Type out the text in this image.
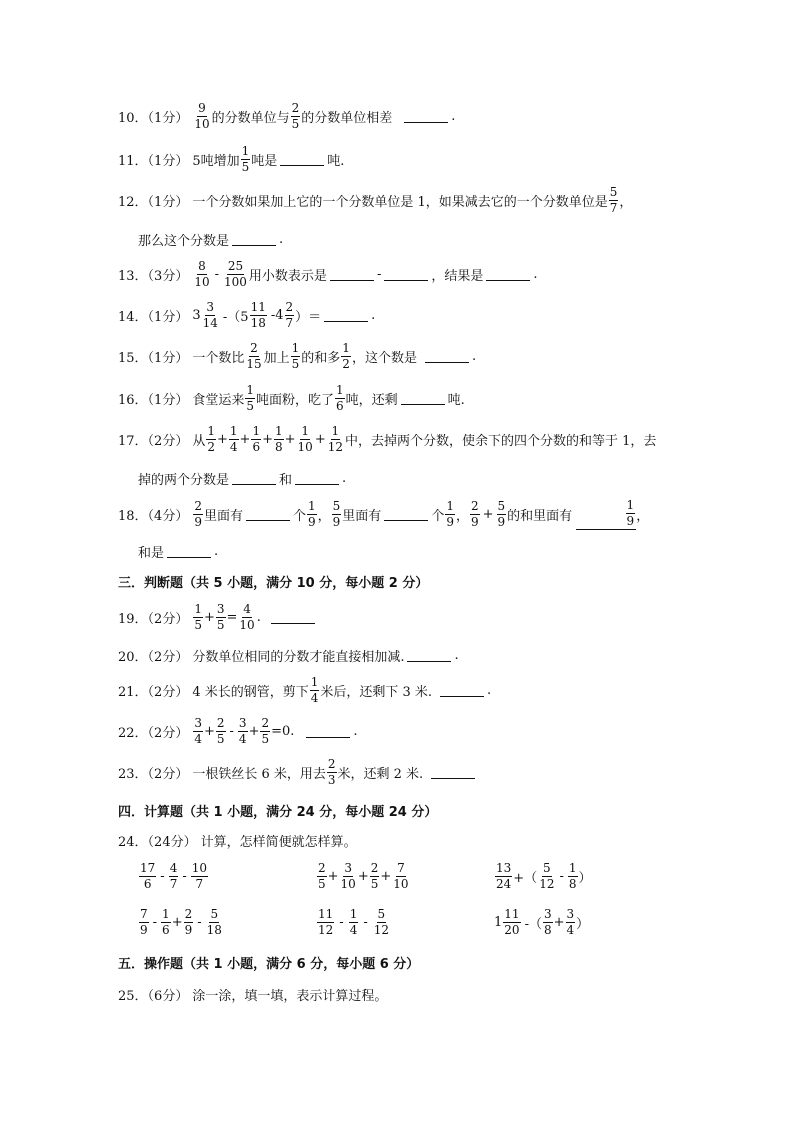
10．（1分） $\frac{9}{10}$ 的分数单位与 $\frac{2}{5}$ 的分数单位相差	.
11．（1分） 5吨增加 $\frac{1}{5}$ 吨是	吨.
12．（1分） 一个分数如果加上它的一个分数单位是 1，如果减去它的一个分数单位是 $\frac{5}{7}$ ，
那么这个分数是	.
13．（3分） $\frac{8}{10} - \frac{25}{100}$ 用小数表示是	-	，结果是	.
14．（1分） $3 \frac{3}{14} -(5 \frac{11}{18} -4 \frac{2}{7}$ ）＝	.
15．（1分） 一个数比 $\frac{2}{15}$ 加上 $\frac{1}{5}$ 的和多 $\frac{1}{2}$ ，这个数是	.
16．（1分） 食堂运来 $\frac{1}{5}$ 吨面粉，吃了 $\frac{1}{6}$ 吨，还剩	吨.
17．（2分） 从 $\frac{1}{2} + \frac{1}{4} + \frac{1}{6} + \frac{1}{8} + \frac{1}{10} + \frac{1}{12}$ 中，去掉两个分数，使余下的四个分数的和等于 1，去
掉的两个分数是	和	.
18．（4分） $\frac{2}{9}$ 里面有	个 $\frac{1}{9}$ ， $\frac{5}{9}$ 里面有	个 $\frac{1}{9}$ ， $\frac{2}{9} + \frac{5}{9}$ 的和里面有	$\frac{1}{9}$ ，
和是	.
三．判断题（共 5 小题，满分 10 分，每小题 2 分）
19．（2分） $\frac{1}{5} + \frac{3}{5} = \frac{4}{10}$ .
20．（2分） 分数单位相同的分数才能直接相加减.	.
21．（2分） 4 米长的钢管，剪下 $\frac{1}{4}$ 米后，还剩下 3 米.	.
22．（2分） $\frac{3}{4} + \frac{2}{5} - \frac{3}{4} + \frac{2}{5} =0$.	.
23．（2分） 一根铁丝长 6 米，用去 $\frac{2}{3}$ 米，还剩 2 米.
四．计算题（共 1 小题，满分 24 分，每小题 24 分）
24．（24分） 计算，怎样简便就怎样算。
$\frac{17}{6} - \frac{4}{7} - \frac{10}{7}$	$\frac{2}{5} + \frac{3}{10} + \frac{2}{5} + \frac{7}{10}$	$\frac{13}{24}$ +（ $\frac{5}{12} - \frac{1}{8}$ ）
$\frac{7}{9} - \frac{1}{6} + \frac{2}{9} - \frac{5}{18}$	$\frac{11}{12} - \frac{1}{4} - \frac{5}{12}$	$1 \frac{11}{20}$ -（ $\frac{3}{8} + \frac{3}{4}$ ）
五．操作题（共 1 小题，满分 6 分，每小题 6 分）
25．（6分） 涂一涂，填一填，表示计算过程。
